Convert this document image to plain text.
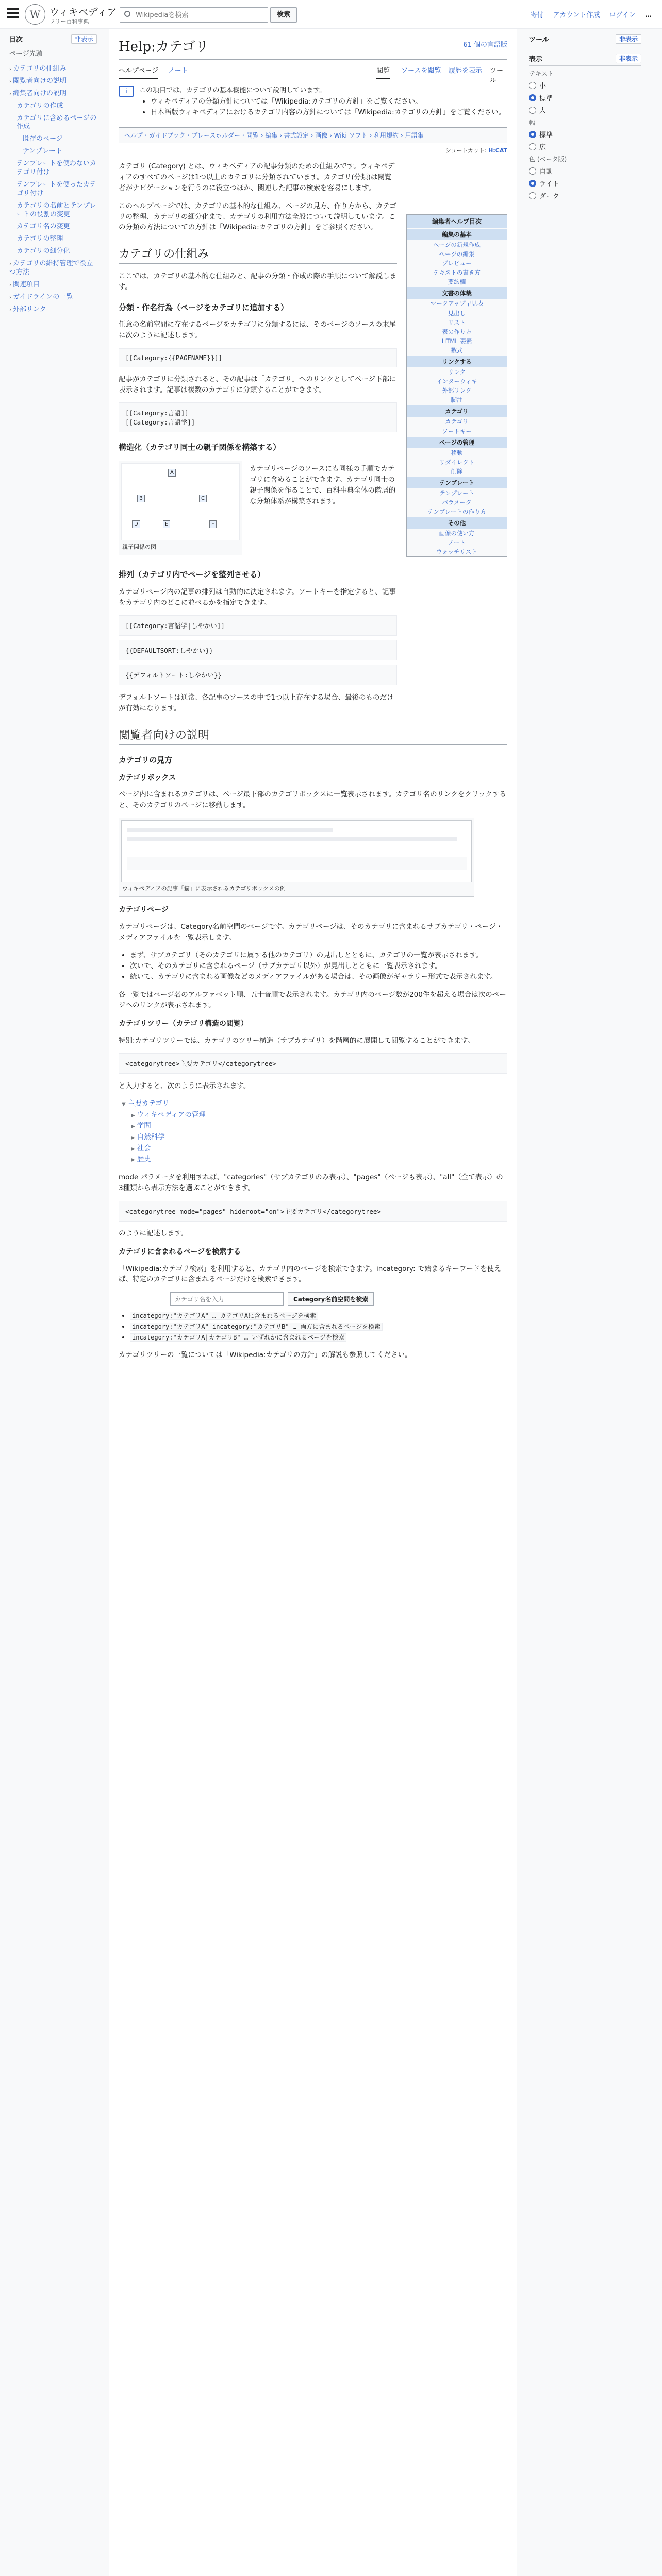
W ウィキペディア
フリー百科事典
Wikipediaを検索
検索	寄付 アカウント作成 ログイン …
目次	非表示
ページ先頭
› カテゴリの仕組み
› 閲覧者向けの説明
› 編集者向けの説明
カテゴリの作成
カテゴリに含めるページの作成
既存のページ
テンプレート
テンプレートを使わないカテゴリ付け
テンプレートを使ったカテゴリ付け
カテゴリの名前とテンプレートの役割の変更
カテゴリ名の変更
カテゴリの整理
カテゴリの細分化
› カテゴリの維持管理で役立つ方法
› 関連項目
› ガイドラインの一覧
› 外部リンク
Help:カテゴリ	61 個の言語版
ヘルプページ ノート	閲覧 ソースを閲覧 履歴を表示 ツール
i	この項目では、カテゴリの基本機能について説明しています。
• ウィキペディアの分類方針については「Wikipedia:カテゴリの方針」をご覧ください。
• 日本語版ウィキペディアにおけるカテゴリ内容の方針については「Wikipedia:カテゴリの方針」をご覧ください。
ヘルプ・ガイドブック・プレースホルダー・閲覧 › 編集 › 書式設定 › 画像 › Wiki ソフト › 利用規約 › 用語集
ショートカット: H:CAT

カテゴリ (Category) とは、ウィキペディアの記事分類のための仕組みです。ウィキペディアのすべてのページは1つ以上のカテゴリに分類されています。カテゴリ(分類)は閲覧者がナビゲーションを行うのに役立つほか、関連した記事の検索を容易にします。

このヘルプページでは、カテゴリの基本的な仕組み、ページの見方、作り方から、カテゴリの整理、カテゴリの細分化まで、カテゴリの利用方法全般について説明しています。この分類の方法についての方針は「Wikipedia:カテゴリの方針」をご参照ください。

カテゴリの仕組み

ここでは、カテゴリの基本的な仕組みと、記事の分類・作成の際の手順について解説します。

分類・作名行為（ページをカテゴリに追加する）

任意の名前空間に存在するページをカテゴリに分類するには、そのページのソースの末尾に次のように記述します。

[[Category:{{PAGENAME}}]]

記事がカテゴリに分類されると、その記事は「カテゴリ」へのリンクとしてページ下部に表示されます。記事は複数のカテゴリに分類することができます。

[[Category:言語]]
[[Category:言語学]]
構造化（カテゴリ同士の親子関係を構築する）
A
B	C
D	E	F
親子関係の図

カテゴリページのソースにも同様の手順でカテゴリに含めることができます。カテゴリ同士の親子関係を作ることで、百科事典全体の階層的な分類体系が構築されます。

排列（カテゴリ内でページを整列させる）

カテゴリページ内の記事の排列は自動的に決定されます。ソートキーを指定すると、記事をカテゴリ内のどこに並べるかを指定できます。

[[Category:言語学|しやかい]]
{{DEFAULTSORT:しやかい}}
{{デフォルトソート:しやかい}}

デフォルトソートは通常、各記事のソースの中で1つ以上存在する場合、最後のものだけが有効になります。

閲覧者向けの説明
カテゴリの見方
カテゴリボックス

ページ内に含まれるカテゴリは、ページ最下部のカテゴリボックスに一覧表示されます。カテゴリ名のリンクをクリックすると、そのカテゴリのページに移動します。

ウィキペディアの記事「猫」に表示されるカテゴリボックスの例
カテゴリページ

カテゴリページは、Category名前空間のページです。カテゴリページは、そのカテゴリに含まれるサブカテゴリ・ページ・メディアファイルを一覧表示します。

• まず、サブカテゴリ（そのカテゴリに属する他のカテゴリ）の見出しとともに、カテゴリの一覧が表示されます。
• 次いで、そのカテゴリに含まれるページ（サブカテゴリ以外）が見出しとともに一覧表示されます。
• 続いて、カテゴリに含まれる画像などのメディアファイルがある場合は、その画像がギャラリー形式で表示されます。

各一覧ではページ名のアルファベット順、五十音順で表示されます。カテゴリ内のページ数が200件を超える場合は次のページへのリンクが表示されます。

カテゴリツリー（カテゴリ構造の閲覧）

特別:カテゴリツリーでは、カテゴリのツリー構造（サブカテゴリ）を階層的に展開して閲覧することができます。

<categorytree>主要カテゴリ</categorytree>

と入力すると、次のように表示されます。

▼ 主要カテゴリ
▶ ウィキペディアの管理
▶ 学問
▶ 自然科学
▶ 社会
▶ 歴史

mode パラメータを利用すれば、"categories"（サブカテゴリのみ表示）、"pages"（ページも表示）、"all"（全て表示）の3種類から表示方法を選ぶことができます。

<categorytree mode="pages" hideroot="on">主要カテゴリ</categorytree>

のように記述します。

カテゴリに含まれるページを検索する

「Wikipedia:カテゴリ検索」を利用すると、カテゴリ内のページを検索できます。incategory: で始まるキーワードを使えば、特定のカテゴリに含まれるページだけを検索できます。

カテゴリ名を入力	Category名前空間を検索
• incategory:"カテゴリA" … カテゴリAに含まれるページを検索
• incategory:"カテゴリA" incategory:"カテゴリB" … 両方に含まれるページを検索
• incategory:"カテゴリA|カテゴリB" … いずれかに含まれるページを検索

カテゴリツリーの一覧については「Wikipedia:カテゴリの方針」の解説も参照してください。

編集者ヘルプ目次
編集の基本
ページの新規作成
ページの編集
プレビュー
テキストの書き方
要約欄
文書の体裁
マークアップ早見表
見出し
リスト
表の作り方
HTML 要素
数式
リンクする
リンク
インターウィキ
外部リンク
脚注
カテゴリ
カテゴリ
ソートキー
ページの管理
移動
リダイレクト
削除
テンプレート
テンプレート
パラメータ
テンプレートの作り方
その他
画像の使い方
ノート
ウォッチリスト
ツール	非表示
表示	非表示
テキスト
小
標準
大
幅
標準
広
色 (ベータ版)
自動
ライト
ダーク
